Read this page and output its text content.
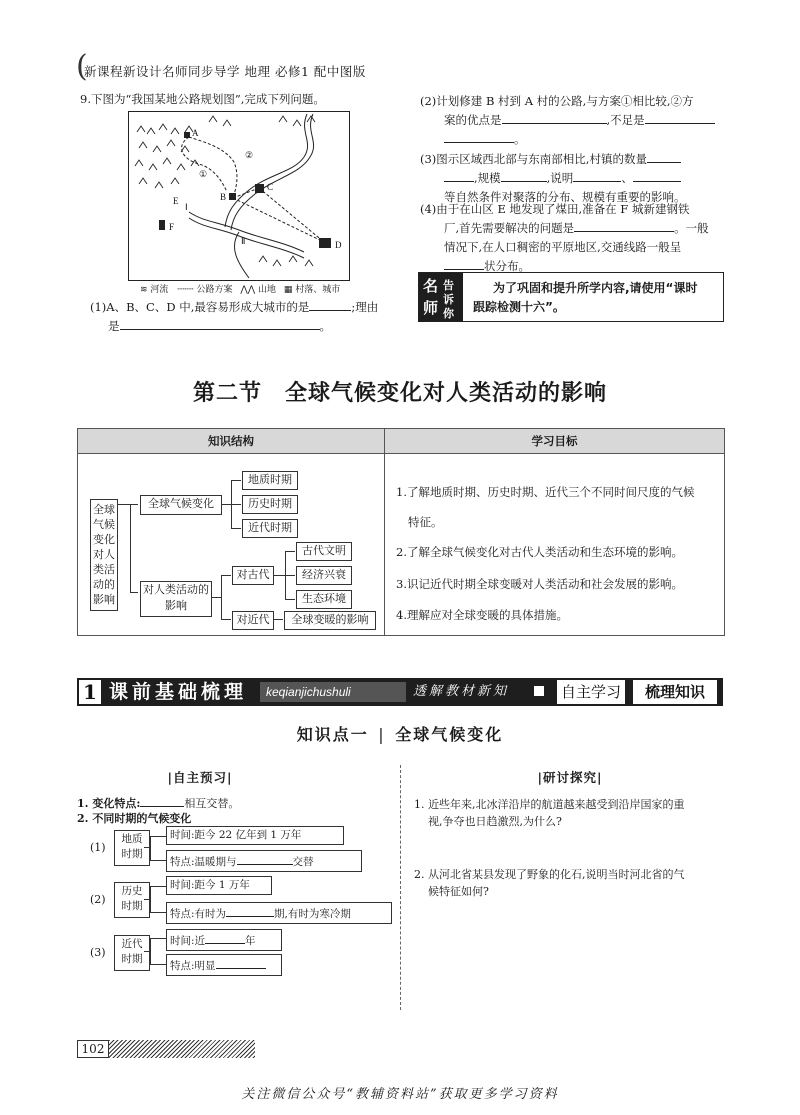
(
新课程新设计名师同步导学 地理 必修1 配中图版
9.下图为“我国某地公路规划图”,完成下列问题。
A
B
C
D
E
F
①
②
Ⅰ
Ⅱ
≋ 河流 ┄┄┄ 公路方案 ⋀⋀ 山地 ▦ 村落、城市
(1)A、B、C、D 中,最容易形成大城市的是	;理由
是	。
(2)计划修建 B 村到 A 村的公路,与方案①相比较,②方
案的优点是	,不足是
。
(3)图示区域西北部与东南部相比,村镇的数量
,规模	,说明	、
等自然条件对聚落的分布、规模有重要的影响。
(4)由于在山区 E 地发现了煤田,准备在 F 城新建钢铁
厂,首先需要解决的问题是	。一般
情况下,在人口稠密的平原地区,交通线路一般呈
状分布。
名 告
师 诉
你
为了巩固和提升所学内容,请使用“课时
跟踪检测十六”。
第二节　全球气候变化对人类活动的影响
知识结构	学习目标
全球气候变化对人类活动的影响
全球气候变化
地质时期
历史时期
近代时期
对人类活动的影响
对古代
对近代
古代文明
经济兴衰
生态环境
全球变暖的影响
1.了解地质时期、历史时期、近代三个不同时间尺度的气候
特征。
2.了解全球气候变化对古代人类活动和生态环境的影响。
3.识记近代时期全球变暖对人类活动和社会发展的影响。
4.理解应对全球变暖的具体措施。
1 课前基础梳理	keqianjichushuli	透解教材新知	自主学习	梳理知识
知识点一 | 全球气候变化
|自主预习|
1. 变化特点:	相互交替。
2. 不同时期的气候变化
(1)
地质时期
时间:距今 22 亿年到 1 万年
特点:温暖期与	交替
(2)
历史时期
时间:距今 1 万年
特点:有时为	期,有时为寒冷期
(3)
近代时期
时间:近	年
特点:明显
|研讨探究|
1. 近些年来,北冰洋沿岸的航道越来越受到沿岸国家的重
视,争夺也日趋激烈,为什么?
2. 从河北省某县发现了野象的化石,说明当时河北省的气
候特征如何?
102
关注微信公众号“教辅资料站”获取更多学习资料
